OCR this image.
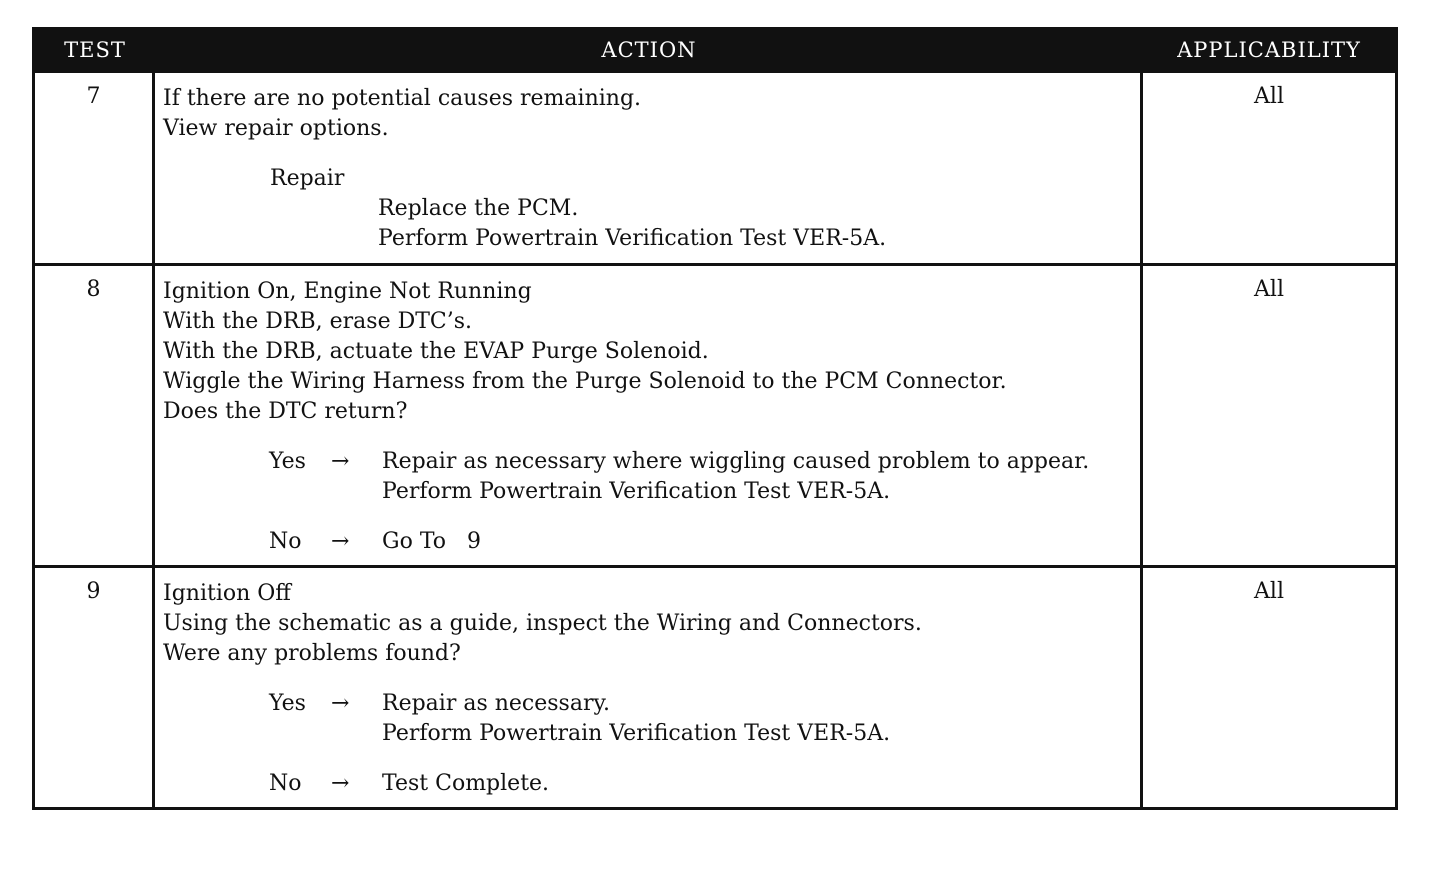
TEST	ACTION	APPLICABILITY
7	If there are no potential causes remaining.
View repair options.
Repair
Replace the PCM.
Perform Powertrain Verification Test VER-5A.
All
8	Ignition On, Engine Not Running
With the DRB, erase DTC’s.
With the DRB, actuate the EVAP Purge Solenoid.
Wiggle the Wiring Harness from the Purge Solenoid to the PCM Connector.
Does the DTC return?
Yes	→	Repair as necessary where wiggling caused problem to appear.
Perform Powertrain Verification Test VER-5A.
No	→	Go To   9
All
9	Ignition Off
Using the schematic as a guide, inspect the Wiring and Connectors.
Were any problems found?
Yes	→	Repair as necessary.
Perform Powertrain Verification Test VER-5A.
No	→	Test Complete.
All
